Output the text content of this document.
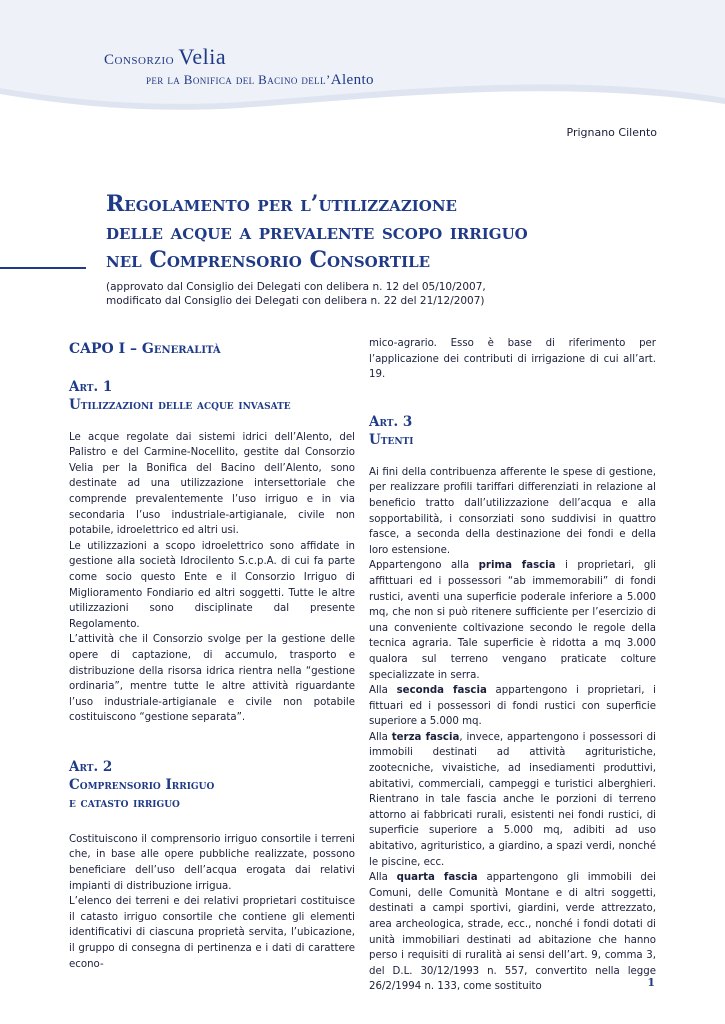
Consorzio Velia
per la Bonifica del Bacino dell’Alento
Prignano Cilento
Regolamento per l’utilizzazione
delle acque a prevalente scopo irriguo
nel Comprensorio Consortile
(approvato dal Consiglio dei Delegati con delibera n. 12 del 05/10/2007,
modificato dal Consiglio dei Delegati con delibera n. 22 del 21/12/2007)
CAPO I – Generalità
Art. 1
Utilizzazioni delle acque invasate

Le acque regolate dai sistemi idrici dell’Alento, del Palistro e del Carmine-Nocellito, gestite dal Consorzio Velia per la Bonifica del Bacino dell’Alento, sono destinate ad una utilizzazione intersettoriale che comprende prevalentemente l’uso irriguo e in via secondaria l’uso industriale-artigianale, civile non potabile, idroelettrico ed altri usi.

Le utilizzazioni a scopo idroelettrico sono affidate in gestione alla società Idrocilento S.c.p.A. di cui fa parte come socio questo Ente e il Consorzio Irriguo di Miglioramento Fondiario ed altri soggetti. Tutte le altre utilizzazioni sono disciplinate dal presente Regolamento.

L’attività che il Consorzio svolge per la gestione delle opere di captazione, di accumulo, trasporto e distribuzione della risorsa idrica rientra nella “gestione ordinaria”, mentre tutte le altre attività riguardante l’uso industriale-artigianale e civile non potabile costituiscono “gestione separata”.

Art. 2
Comprensorio Irriguo
e catasto irriguo

Costituiscono il comprensorio irriguo consortile i terreni che, in base alle opere pubbliche realizzate, possono beneficiare dell’uso dell’acqua erogata dai relativi impianti di distribuzione irrigua.

L’elenco dei terreni e dei relativi proprietari costituisce il catasto irriguo consortile che contiene gli elementi identificativi di ciascuna proprietà servita, l’ubicazione, il gruppo di consegna di pertinenza e i dati di carattere econo-

mico-agrario. Esso è base di riferimento per l’applicazione dei contributi di irrigazione di cui all’art. 19.

Art. 3
Utenti

Ai fini della contribuenza afferente le spese di gestione, per realizzare profili tariffari differenziati in relazione al beneficio tratto dall’utilizzazione dell’acqua e alla sopportabilità, i consorziati sono suddivisi in quattro fasce, a seconda della destinazione dei fondi e della loro estensione.

Appartengono alla prima fascia i proprietari, gli affittuari ed i possessori “ab immemorabili” di fondi rustici, aventi una superficie poderale inferiore a 5.000 mq, che non si può ritenere sufficiente per l’esercizio di una conveniente coltivazione secondo le regole della tecnica agraria. Tale superficie è ridotta a mq 3.000 qualora sul terreno vengano praticate colture specializzate in serra.

Alla seconda fascia appartengono i proprietari, i fittuari ed i possessori di fondi rustici con superficie superiore a 5.000 mq.

Alla terza fascia, invece, appartengono i possessori di immobili destinati ad attività agrituristiche, zootecniche, vivaistiche, ad insediamenti produttivi, abitativi, commerciali, campeggi e turistici alberghieri. Rientrano in tale fascia anche le porzioni di terreno attorno ai fabbricati rurali, esistenti nei fondi rustici, di superficie superiore a 5.000 mq, adibiti ad uso abitativo, agrituristico, a giardino, a spazi verdi, nonché le piscine, ecc.

Alla quarta fascia appartengono gli immobili dei Comuni, delle Comunità Montane e di altri soggetti, destinati a campi sportivi, giardini, verde attrezzato, area archeologica, strade, ecc., nonché i fondi dotati di unità immobiliari destinati ad abitazione che hanno perso i requisiti di ruralità ai sensi dell’art. 9, comma 3, del D.L. 30/12/1993 n. 557, convertito nella legge 26/2/1994 n. 133, come sostituito	1
